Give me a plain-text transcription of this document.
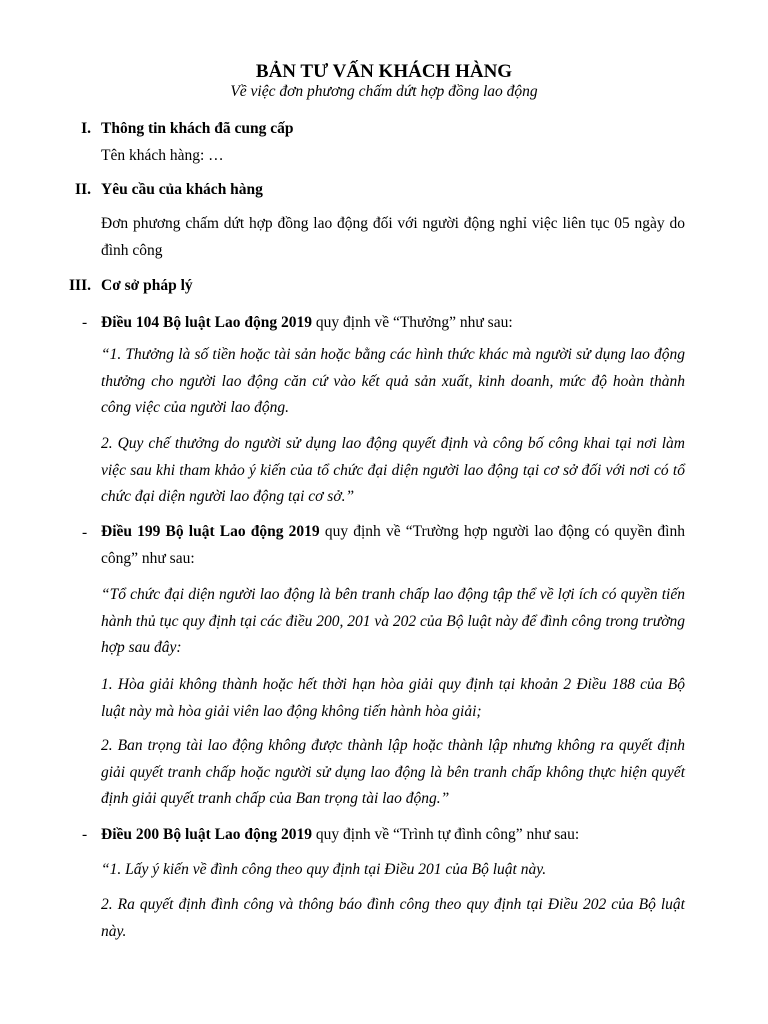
BẢN TƯ VẤN KHÁCH HÀNG
Về việc đơn phương chấm dứt hợp đồng lao động
I. Thông tin khách đã cung cấp
Tên khách hàng: …
II. Yêu cầu của khách hàng
Đơn phương chấm dứt hợp đồng lao động đối với người động nghỉ việc liên tục 05 ngày do đình công
III. Cơ sở pháp lý
- Điều 104 Bộ luật Lao động 2019 quy định về “Thưởng” như sau:
“1. Thưởng là số tiền hoặc tài sản hoặc bằng các hình thức khác mà người sử dụng lao động thưởng cho người lao động căn cứ vào kết quả sản xuất, kinh doanh, mức độ hoàn thành công việc của người lao động.
2. Quy chế thưởng do người sử dụng lao động quyết định và công bố công khai tại nơi làm việc sau khi tham khảo ý kiến của tổ chức đại diện người lao động tại cơ sở đối với nơi có tổ chức đại diện người lao động tại cơ sở.”
- Điều 199 Bộ luật Lao động 2019 quy định về “Trường hợp người lao động có quyền đình công” như sau:
“Tổ chức đại diện người lao động là bên tranh chấp lao động tập thể về lợi ích có quyền tiến hành thủ tục quy định tại các điều 200, 201 và 202 của Bộ luật này để đình công trong trường hợp sau đây:
1. Hòa giải không thành hoặc hết thời hạn hòa giải quy định tại khoản 2 Điều 188 của Bộ luật này mà hòa giải viên lao động không tiến hành hòa giải;
2. Ban trọng tài lao động không được thành lập hoặc thành lập nhưng không ra quyết định giải quyết tranh chấp hoặc người sử dụng lao động là bên tranh chấp không thực hiện quyết định giải quyết tranh chấp của Ban trọng tài lao động.”
- Điều 200 Bộ luật Lao động 2019 quy định về “Trình tự đình công” như sau:
“1. Lấy ý kiến về đình công theo quy định tại Điều 201 của Bộ luật này.
2. Ra quyết định đình công và thông báo đình công theo quy định tại Điều 202 của Bộ luật này.
